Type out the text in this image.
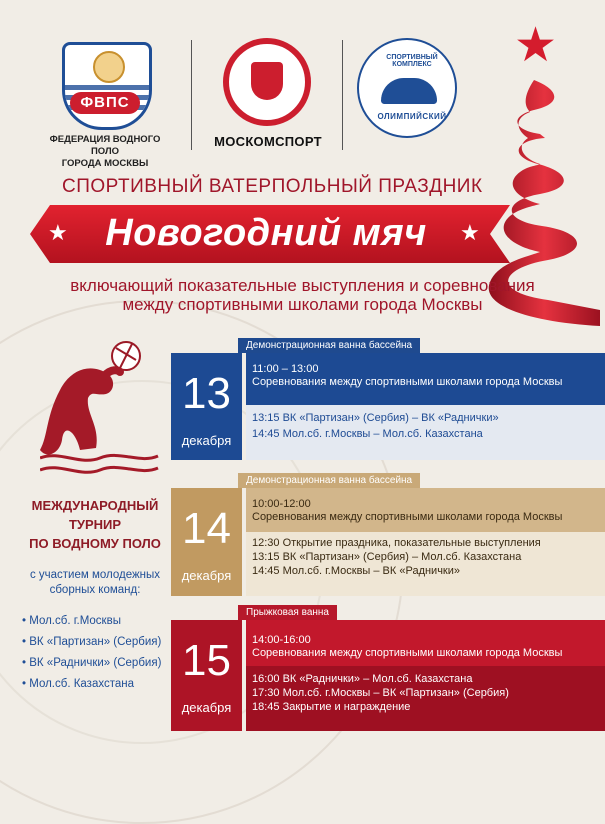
ФВПС
ФЕДЕРАЦИЯ ВОДНОГО ПОЛО
ГОРОДА МОСКВЫ
МОСКОМСПОРТ
СПОРТИВНЫЙ КОМПЛЕКС
ОЛИМПИЙСКИЙ
★
СПОРТИВНЫЙ ВАТЕРПОЛЬНЫЙ ПРАЗДНИК
★	★
Новогодний мяч
включающий показательные выступления и соревнования
между спортивными школами города Москвы
МЕЖДУНАРОДНЫЙ
ТУРНИР
ПО ВОДНОМУ ПОЛО
с участием молодежных
сборных команд:
• Мол.сб. г.Москвы
• ВК «Партизан» (Сербия)
• ВК «Раднички» (Сербия)
• Мол.сб. Казахстана
Демонстрационная ванна бассейна
13
декабря
11:00 – 13:00
Соревнования между спортивными школами города Москвы
13:15 ВК «Партизан» (Сербия) – ВК «Раднички»
14:45 Мол.сб. г.Москвы – Мол.сб. Казахстана
Демонстрационная ванна бассейна
14
декабря
10:00-12:00
Соревнования между спортивными школами города Москвы
12:30 Открытие праздника, показательные выступления
13:15 ВК «Партизан» (Сербия) – Мол.сб. Казахстана
14:45 Мол.сб. г.Москвы – ВК «Раднички»
Прыжковая ванна
15
декабря
14:00-16:00
Соревнования между спортивными школами города Москвы
16:00 ВК «Раднички» – Мол.сб. Казахстана
17:30 Мол.сб. г.Москвы – ВК «Партизан» (Сербия)
18:45 Закрытие и награждение
